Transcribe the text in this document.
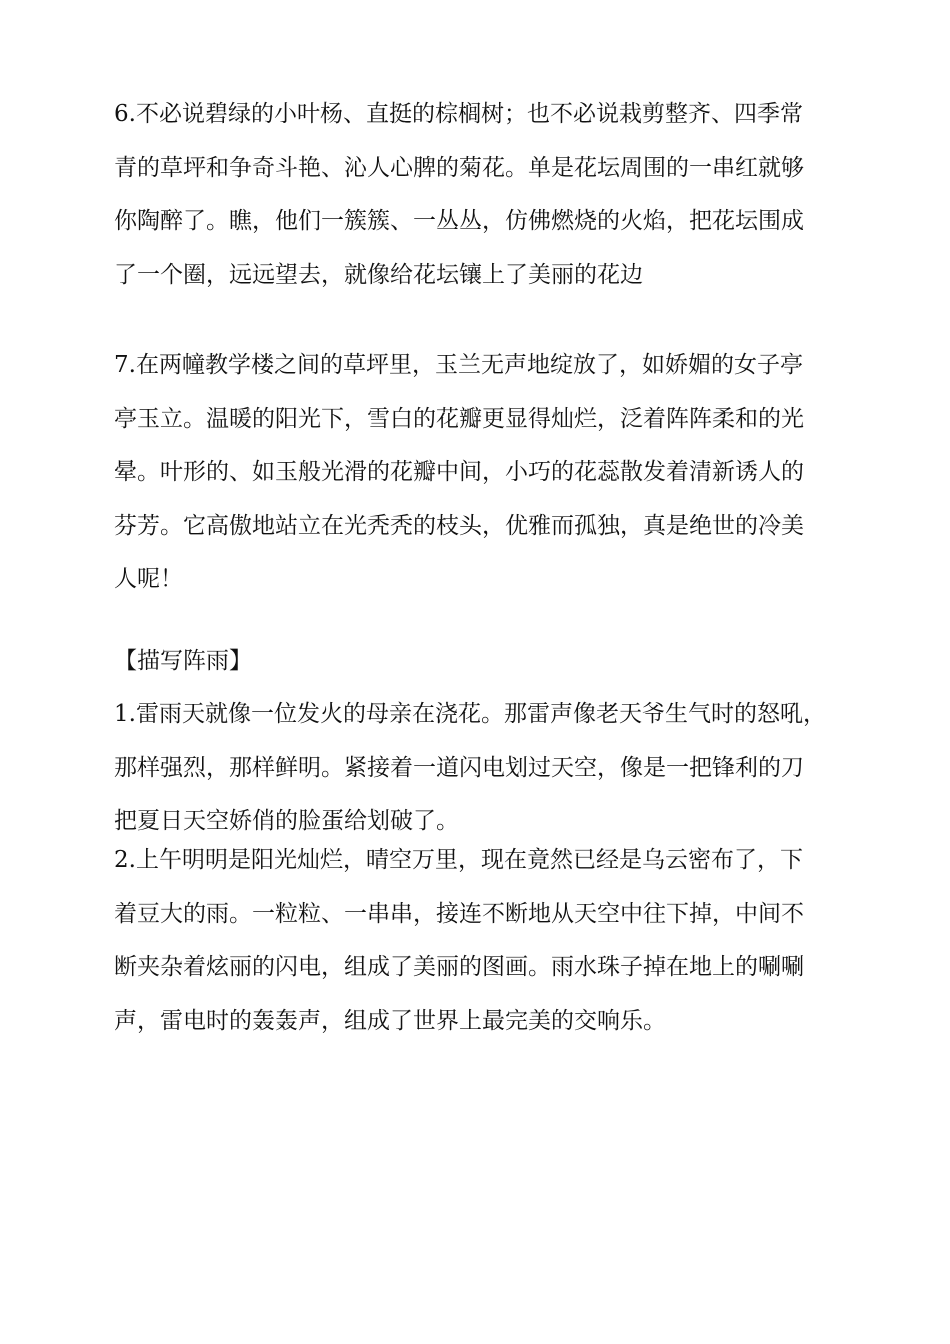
6.不必说碧绿的小叶杨、直挺的棕榈树；也不必说栽剪整齐、四季常
青的草坪和争奇斗艳、沁人心脾的菊花。单是花坛周围的一串红就够
你陶醉了。瞧，他们一簇簇、一丛丛，仿佛燃烧的火焰，把花坛围成
了一个圈，远远望去，就像给花坛镶上了美丽的花边
7.在两幢教学楼之间的草坪里，玉兰无声地绽放了，如娇媚的女子亭
亭玉立。温暖的阳光下，雪白的花瓣更显得灿烂，泛着阵阵柔和的光
晕。叶形的、如玉般光滑的花瓣中间，小巧的花蕊散发着清新诱人的
芬芳。它高傲地站立在光秃秃的枝头，优雅而孤独，真是绝世的冷美
人呢！
【描写阵雨】
1.雷雨天就像一位发火的母亲在浇花。那雷声像老天爷生气时的怒吼，
那样强烈，那样鲜明。紧接着一道闪电划过天空，像是一把锋利的刀
把夏日天空娇俏的脸蛋给划破了。
2.上午明明是阳光灿烂，晴空万里，现在竟然已经是乌云密布了，下
着豆大的雨。一粒粒、一串串，接连不断地从天空中往下掉，中间不
断夹杂着炫丽的闪电，组成了美丽的图画。雨水珠子掉在地上的唰唰
声，雷电时的轰轰声，组成了世界上最完美的交响乐。
